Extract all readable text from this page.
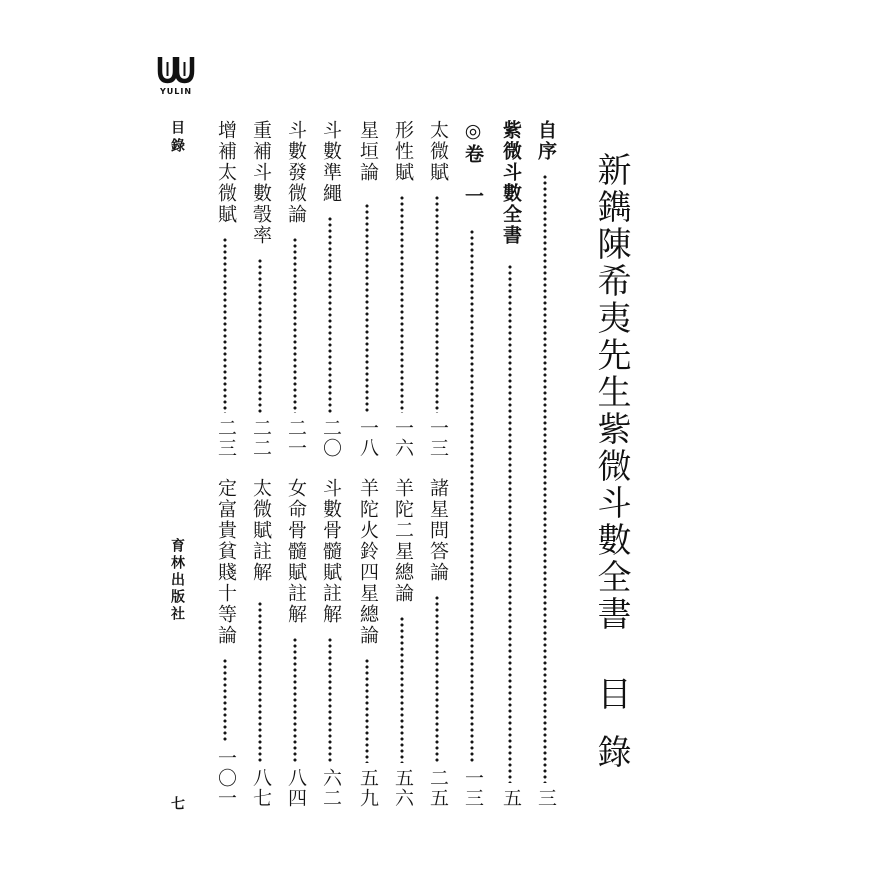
YULIN
目錄
育林出版社
七
新鐫陳希夷先生紫微斗數全書
目錄
自序
三
紫微斗數全書
五
◎卷　一
一三
太微賦
一三
諸星問答論
二五
形性賦
一六
羊陀二星總論
五六
星垣論
一八
羊陀火鈴四星總論
五九
斗數準繩
二〇
斗數骨髓賦註解
六二
斗數發微論
二一
女命骨髓賦註解
八四
重補斗數彀率
二二
太微賦註解
八七
增補太微賦
二三
定富貴貧賤十等論
一〇一
